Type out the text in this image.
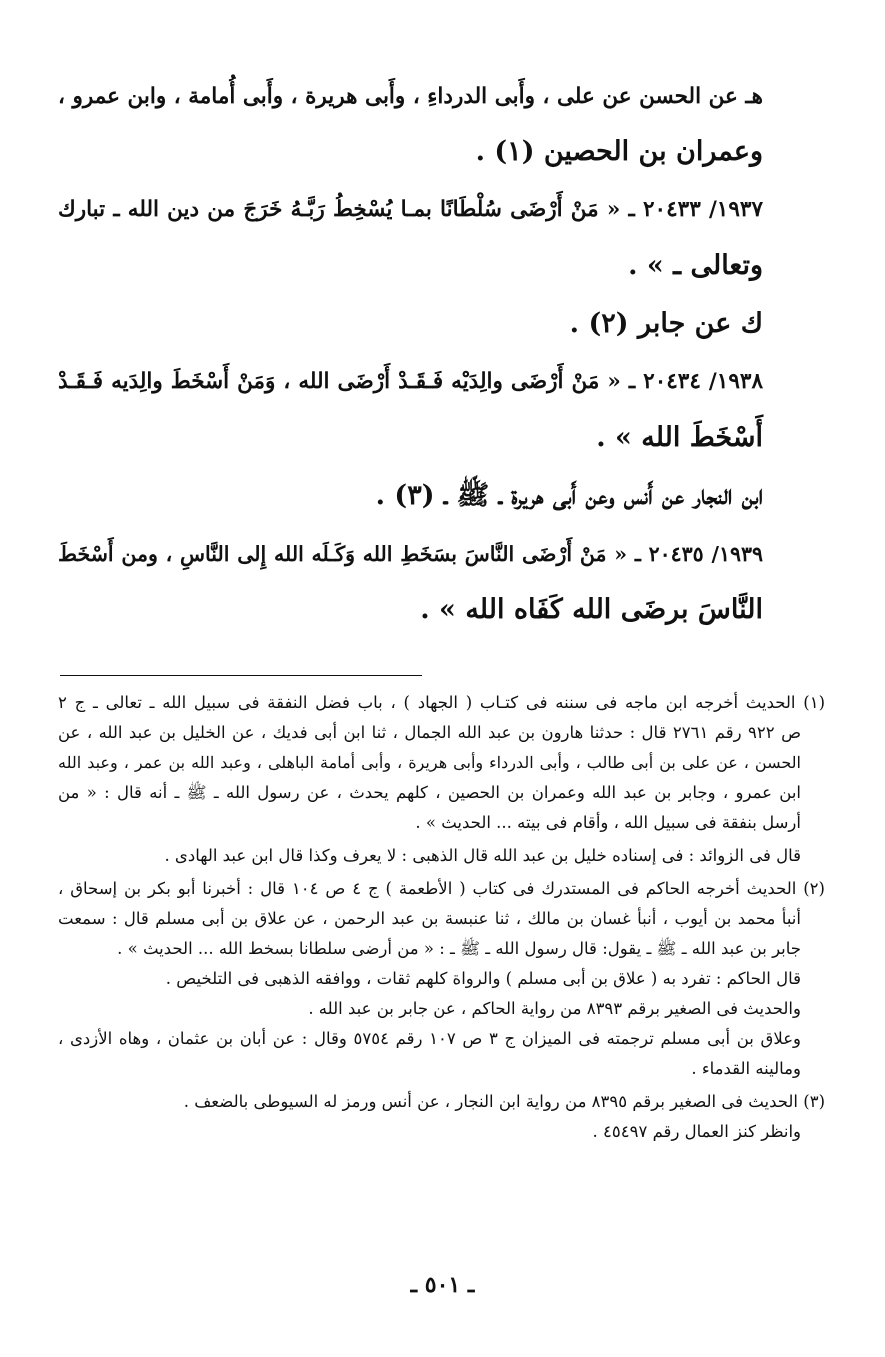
هـ عن الحسن عن على ، وأَبى الدرداءِ ، وأَبى هريرة ، وأَبى أُمامة ، وابن عمرو ،
وعمران بن الحصين (١) .
١٩٣٧/ ٢٠٤٣٣ ـ « مَنْ أَرْضَى سُلْطَانًا بمـا يُسْخِطُ رَبَّـهُ خَرَجَ من دين الله ـ تبارك
وتعالى ـ » .
ك عن جابر (٢) .
١٩٣٨/ ٢٠٤٣٤ ـ « مَنْ أَرْضَى والِدَيْه فَـقَـدْ أَرْضَى الله ، وَمَنْ أَسْخَطَ والِدَيه فَـقَـدْ
أَسْخَطَ الله » .
ابن النجار عن أَنس وعن أَبى هريرة ـ ﷺ ـ (٣) .
١٩٣٩/ ٢٠٤٣٥ ـ « مَنْ أَرْضَى النَّاسَ بسَخَطِ الله وَكَـلَه الله إِلى النَّاسِ ، ومن أَسْخَطَ
النَّاسَ برضَى الله كَفَاه الله » .
(١) الحديث أخرجه ابن ماجه فى سننه فى كتـاب ( الجهاد ) ، باب فضل النفقة فى سبيل الله ـ تعالى ـ ج ٢
ص ٩٢٢ رقم ٢٧٦١ قال : حدثنا هارون بن عبد الله الجمال ، ثنا ابن أبى فديك ، عن الخليل بن عبد الله ، عن
الحسن ، عن على بن أبى طالب ، وأبى الدرداء وأبى هريرة ، وأبى أمامة الباهلى ، وعبد الله بن عمر ، وعبد الله
ابن عمرو ، وجابر بن عبد الله وعمران بن الحصين ، كلهم يحدث ، عن رسول الله ـ ﷺ ـ أنه قال : « من
أرسل بنفقة فى سبيل الله ، وأقام فى بيته ... الحديث » .
قال فى الزوائد : فى إسناده خليل بن عبد الله قال الذهبى : لا يعرف وكذا قال ابن عبد الهادى .
(٢) الحديث أخرجه الحاكم فى المستدرك فى كتاب ( الأطعمة ) ج ٤ ص ١٠٤ قال : أخبرنا أبو بكر بن إسحاق ،
أنبأ محمد بن أيوب ، أنبأ غسان بن مالك ، ثنا عنبسة بن عبد الرحمن ، عن علاق بن أبى مسلم قال : سمعت
جابر بن عبد الله ـ ﷺ ـ يقول: قال رسول الله ـ ﷺ ـ : « من أرضى سلطانا بسخط الله ... الحديث » .
قال الحاكم : تفرد به ( علاق بن أبى مسلم ) والرواة كلهم ثقات ، ووافقه الذهبى فى التلخيص .
والحديث فى الصغير برقم ٨٣٩٣ من رواية الحاكم ، عن جابر بن عبد الله .
وعلاق بن أبى مسلم ترجمته فى الميزان ج ٣ ص ١٠٧ رقم ٥٧٥٤ وقال : عن أبان بن عثمان ، وهاه الأزدى ،
ومالينه القدماء .
(٣) الحديث فى الصغير برقم ٨٣٩٥ من رواية ابن النجار ، عن أنس ورمز له السيوطى بالضعف .
وانظر كنز العمال رقم ٤٥٤٩٧ .
ـ ٥٠١ ـ
